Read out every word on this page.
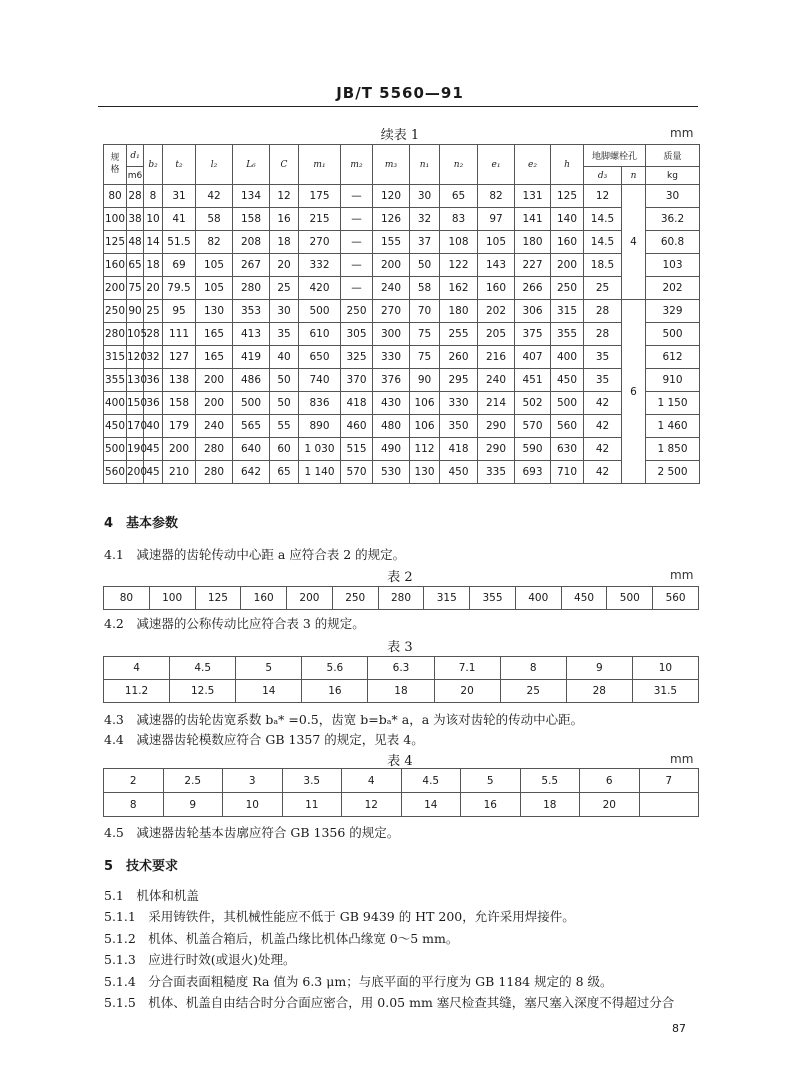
JB/T 5560—91
续表 1	mm
规
格	d₁	b₂	t₂	l₂	L₆	C	m₁	m₂	m₃	n₁	n₂	e₁	e₂	h	地脚螺栓孔		质量
	m6														d₃	n	kg
80	28	8	31	42	134	12	175	—	120	30	65	82	131	125	12	4	30
100	38	10	41	58	158	16	215	—	126	32	83	97	141	140	14.5		36.2
125	48	14	51.5	82	208	18	270	—	155	37	108	105	180	160	14.5		60.8
160	65	18	69	105	267	20	332	—	200	50	122	143	227	200	18.5		103
200	75	20	79.5	105	280	25	420	—	240	58	162	160	266	250	25		202
250	90	25	95	130	353	30	500	250	270	70	180	202	306	315	28	6	329
280	105	28	111	165	413	35	610	305	300	75	255	205	375	355	28		500
315	120	32	127	165	419	40	650	325	330	75	260	216	407	400	35		612
355	130	36	138	200	486	50	740	370	376	90	295	240	451	450	35		910
400	150	36	158	200	500	50	836	418	430	106	330	214	502	500	42		1 150
450	170	40	179	240	565	55	890	460	480	106	350	290	570	560	42		1 460
500	190	45	200	280	640	60	1 030	515	490	112	418	290	590	630	42		1 850
560	200	45	210	280	642	65	1 140	570	530	130	450	335	693	710	42		2 500
4　基本参数
4.1　减速器的齿轮传动中心距 a 应符合表 2 的规定。
表 2	mm
80	100	125	160	200	250	280	315	355	400	450	500	560
4.2　减速器的公称传动比应符合表 3 的规定。
表 3
4	4.5	5	5.6	6.3	7.1	8	9	10
11.2	12.5	14	16	18	20	25	28	31.5
4.3　减速器的齿轮齿宽系数 bₐ* =0.5，齿宽 b=bₐ* a，a 为该对齿轮的传动中心距。
4.4　减速器齿轮模数应符合 GB 1357 的规定，见表 4。
表 4	mm
2	2.5	3	3.5	4	4.5	5	5.5	6	7
8	9	10	11	12	14	16	18	20	
4.5　减速器齿轮基本齿廓应符合 GB 1356 的规定。
5　技术要求
5.1　机体和机盖
5.1.1　采用铸铁件，其机械性能应不低于 GB 9439 的 HT 200，允许采用焊接件。
5.1.2　机体、机盖合箱后，机盖凸缘比机体凸缘宽 0～5 mm。
5.1.3　应进行时效(或退火)处理。
5.1.4　分合面表面粗糙度 Ra 值为 6.3 μm；与底平面的平行度为 GB 1184 规定的 8 级。
5.1.5　机体、机盖自由结合时分合面应密合，用 0.05 mm 塞尺检查其缝，塞尺塞入深度不得超过分合
87
